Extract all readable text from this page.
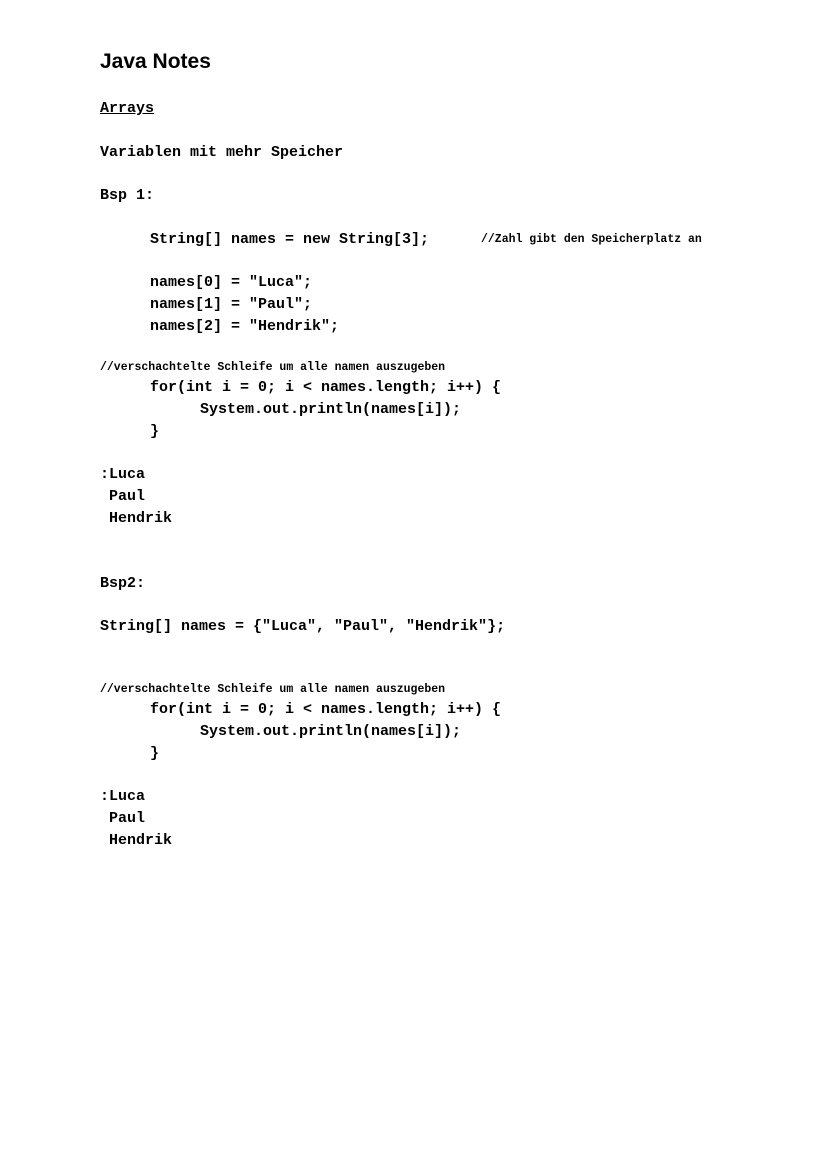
Java Notes
Arrays
Variablen mit mehr Speicher
Bsp 1:
String[] names = new String[3];	//Zahl gibt den Speicherplatz an
names[0] = "Luca";
names[1] = "Paul";
names[2] = "Hendrik";
//verschachtelte Schleife um alle namen auszugeben
for(int i = 0; i < names.length; i++) {
System.out.println(names[i]);
}
:Luca
Paul
Hendrik
Bsp2:
String[] names = {"Luca", "Paul", "Hendrik"};
//verschachtelte Schleife um alle namen auszugeben
for(int i = 0; i < names.length; i++) {
System.out.println(names[i]);
}
:Luca
Paul
Hendrik
